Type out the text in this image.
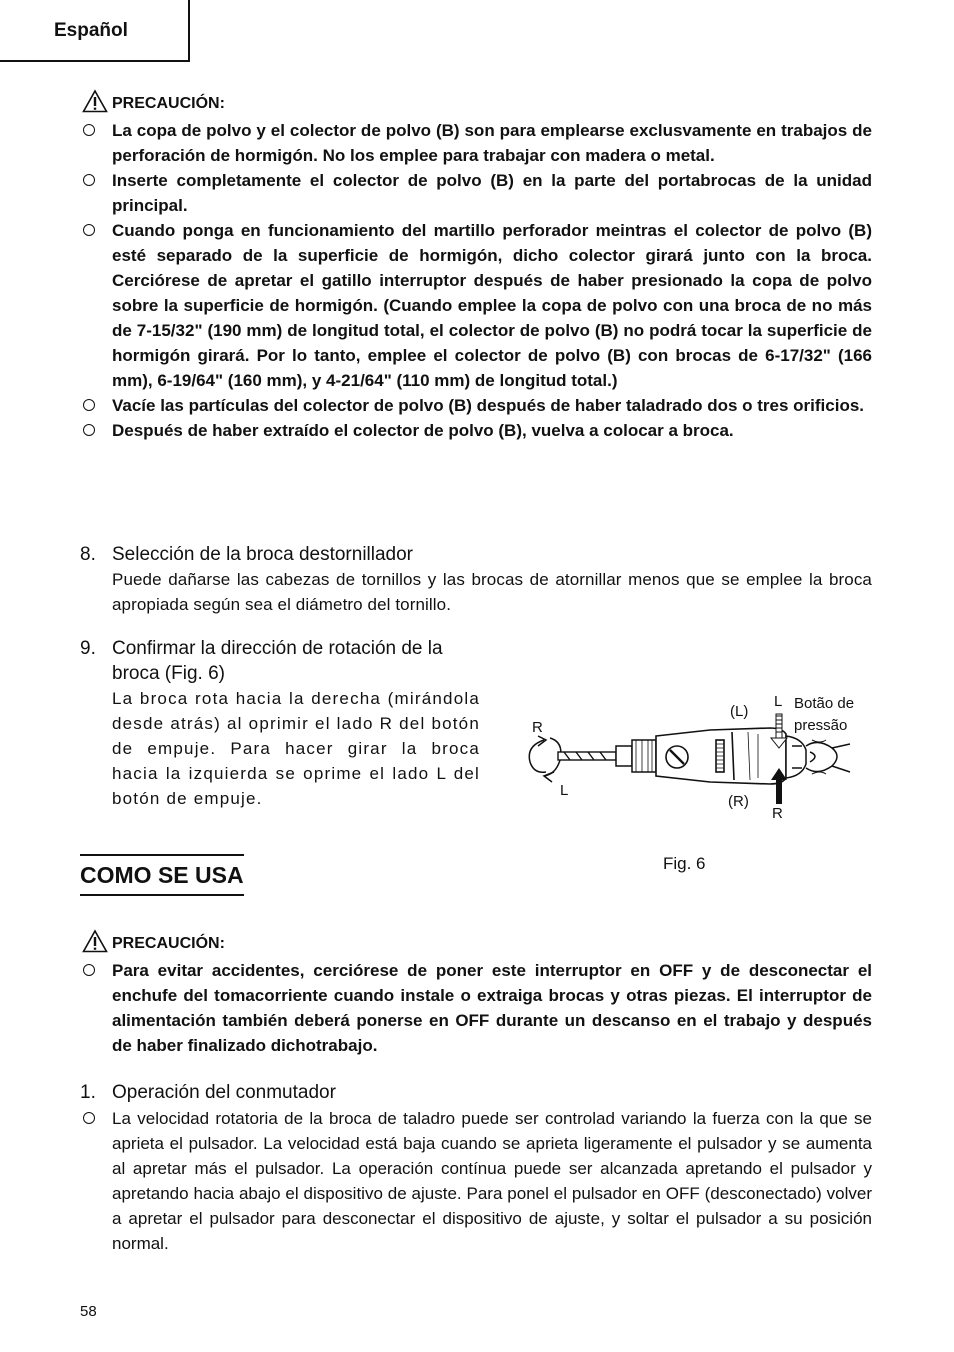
Español
PRECAUCIÓN:
La copa de polvo y el colector de polvo (B) son para emplearse exclusvamente en trabajos de perforación de hormigón. No los emplee para trabajar con madera o metal.
Inserte completamente el colector de polvo (B) en la parte del portabrocas de la unidad principal.
Cuando ponga en funcionamiento del martillo perforador meintras el colector de polvo (B) esté separado de la superficie de hormigón, dicho colector girará junto con la broca. Cerciórese de apretar el gatillo interruptor después de haber presionado la copa de polvo sobre la superficie de hormigón. (Cuando emplee la copa de polvo con una broca de no más de 7-15/32" (190 mm) de longitud total, el colector de polvo (B) no podrá tocar la superficie de hormigón girará. Por lo tanto, emplee el colector de polvo (B) con brocas de 6-17/32" (166 mm), 6-19/64" (160 mm), y 4-21/64" (110 mm) de longitud total.)
Vacíe las partículas del colector de polvo (B) después de haber taladrado dos o tres orificios.
Después de haber extraído el colector de polvo (B), vuelva a colocar a broca.
8. Selección de la broca destornillador
Puede dañarse las cabezas de tornillos y las brocas de atornillar menos que se emplee la broca apropiada según sea el diámetro del tornillo.
9. Confirmar la dirección de rotación de la broca (Fig. 6)
La broca rota hacia la derecha (mirándola desde atrás) al oprimir el lado R del botón de empuje. Para hacer girar la broca hacia la izquierda se oprime el lado L del botón de empuje.
R
L
(L)
(R)
L
R
Botão de
pressão
Fig. 6
COMO SE USA
PRECAUCIÓN:
Para evitar accidentes, cerciórese de poner este interruptor en OFF y de desconectar el enchufe del tomacorriente cuando instale o extraiga brocas y otras piezas. El interruptor de alimentación también deberá ponerse en OFF durante un descanso en el trabajo y después de haber finalizado dichotrabajo.
1. Operación del conmutador
La velocidad rotatoria de la broca de taladro puede ser controlad variando la fuerza con la que se aprieta el pulsador. La velocidad está baja cuando se aprieta ligeramente el pulsador y se aumenta al apretar más el pulsador. La operación contínua puede ser alcanzada apretando el pulsador y apretando hacia abajo el dispositivo de ajuste. Para ponel el pulsador en OFF (desconectado) volver a apretar el pulsador para desconectar el dispositivo de ajuste, y soltar el pulsador a su posición normal.
58
